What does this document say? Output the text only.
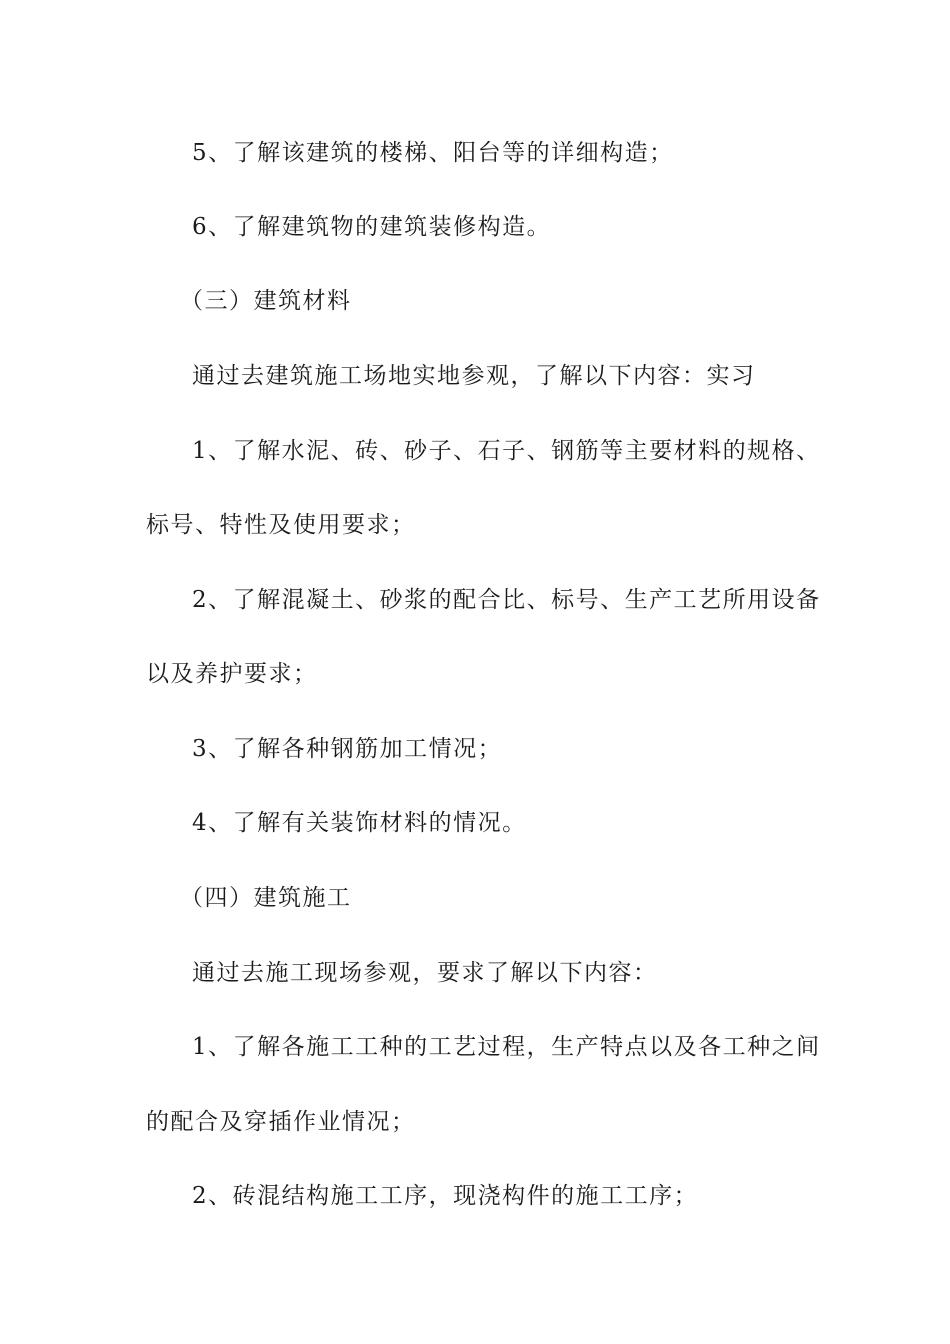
5、了解该建筑的楼梯、阳台等的详细构造；
6、了解建筑物的建筑装修构造。
（三）建筑材料
通过去建筑施工场地实地参观，了解以下内容：实习
1、了解水泥、砖、砂子、石子、钢筋等主要材料的规格、
标号、特性及使用要求；
2、了解混凝土、砂浆的配合比、标号、生产工艺所用设备
以及养护要求；
3、了解各种钢筋加工情况；
4、了解有关装饰材料的情况。
（四）建筑施工
通过去施工现场参观，要求了解以下内容：
1、了解各施工工种的工艺过程，生产特点以及各工种之间
的配合及穿插作业情况；
2、砖混结构施工工序，现浇构件的施工工序；
